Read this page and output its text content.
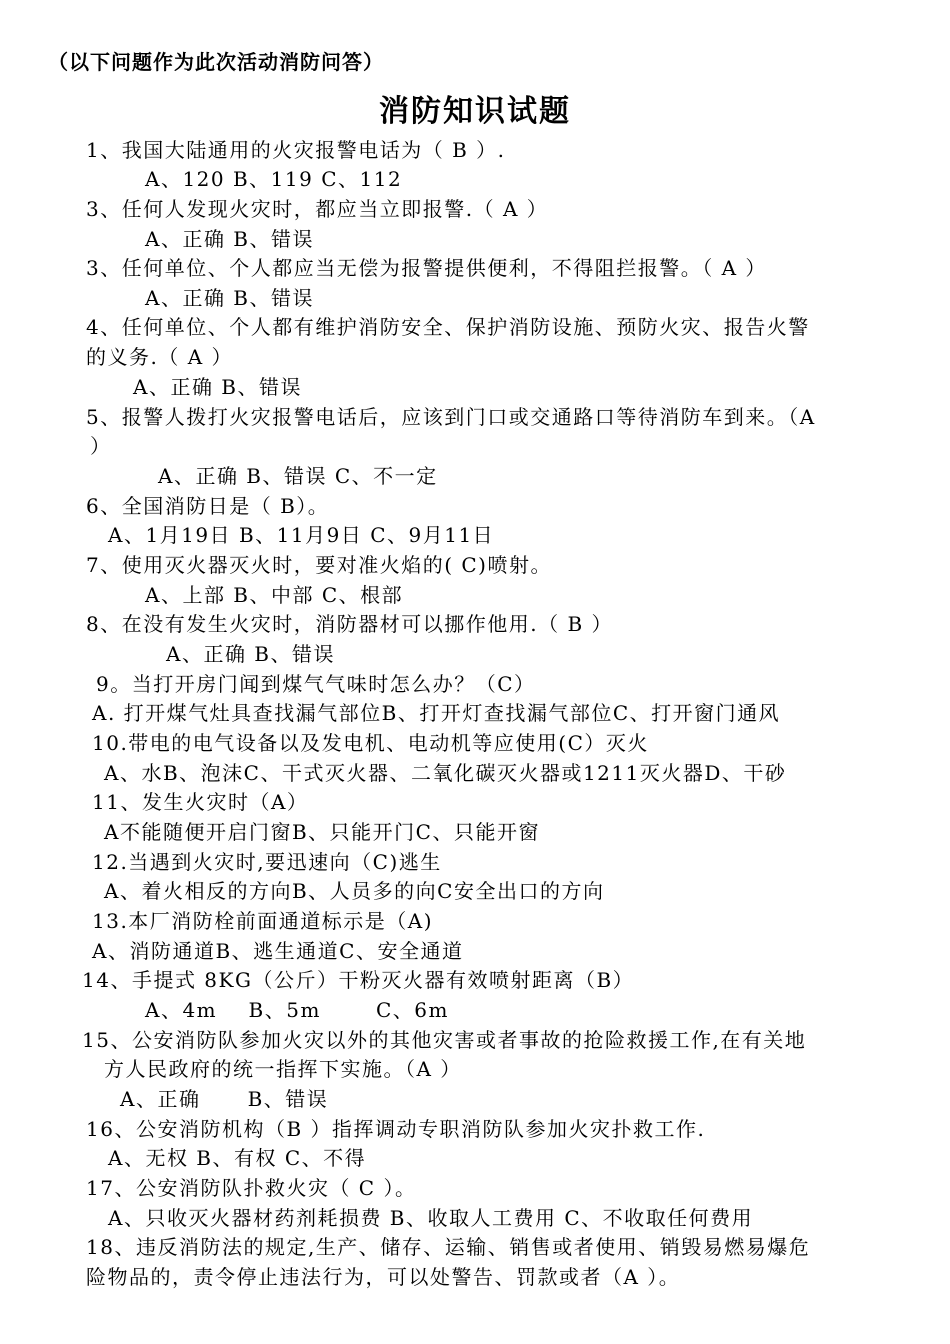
（以下问题作为此次活动消防问答）
消防知识试题
1、我国大陆通用的火灾报警电话为（ B ）.
A、120 B、119 C、112
3、任何人发现火灾时，都应当立即报警.（ A ）
A、正确 B、错误
3、任何单位、个人都应当无偿为报警提供便利，不得阻拦报警。（ A ）
A、正确 B、错误
4、任何单位、个人都有维护消防安全、保护消防设施、预防火灾、报告火警
的义务.（ A ）
A、正确 B、错误
5、报警人拨打火灾报警电话后，应该到门口或交通路口等待消防车到来。（A
）
A、正确 B、错误 C、不一定
6、全国消防日是（ B）。
A、1月19日 B、11月9日 C、9月11日
7、使用灭火器灭火时，要对准火焰的( C)喷射。
A、上部 B、中部 C、根部
8、在没有发生火灾时，消防器材可以挪作他用.（ B ）
A、正确 B、错误
9。当打开房门闻到煤气气味时怎么办？（C）
A. 打开煤气灶具查找漏气部位B、打开灯查找漏气部位C、打开窗门通风
10.带电的电气设备以及发电机、电动机等应使用(C）灭火
A、水B、泡沫C、干式灭火器、二氧化碳灭火器或1211灭火器D、干砂
11、发生火灾时（A）
A不能随便开启门窗B、只能开门C、只能开窗
12.当遇到火灾时,要迅速向（C)逃生
A、着火相反的方向B、人员多的向C安全出口的方向
13.本厂消防栓前面通道标示是（A)
A、消防通道B、逃生通道C、安全通道
14、手提式 8KG（公斤）干粉灭火器有效喷射距离（B）
A、4m    B、5m       C、6m
15、公安消防队参加火灾以外的其他灾害或者事故的抢险救援工作,在有关地
方人民政府的统一指挥下实施。（A ）
A、正确      B、错误
16、公安消防机构（B ）指挥调动专职消防队参加火灾扑救工作.
A、无权 B、有权 C、不得
17、公安消防队扑救火灾（ C ）。
A、只收灭火器材药剂耗损费 B、收取人工费用 C、不收取任何费用
18、违反消防法的规定,生产、储存、运输、销售或者使用、销毁易燃易爆危
险物品的，责令停止违法行为，可以处警告、罚款或者（A ）。
